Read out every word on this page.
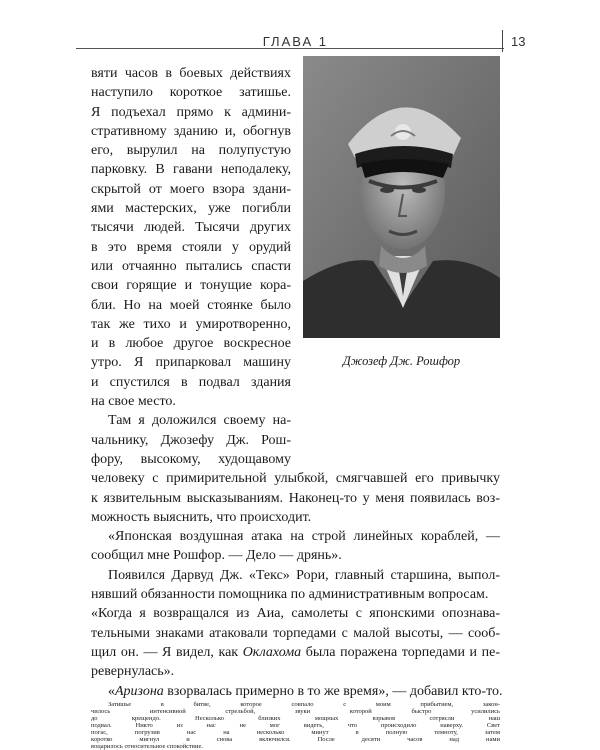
ГЛАВА 1	13
Джозеф Дж. Рошфор
вяти часов в боевых действиях
наступило короткое затишье.
Я подъехал прямо к админи-
стративному зданию и, обогнув
его, вырулил на полупустую
парковку. В гавани неподалеку,
скрытой от моего взора здани-
ями мастерских, уже погибли
тысячи людей. Тысячи других
в это время стояли у орудий
или отчаянно пытались спасти
свои горящие и тонущие кора-
бли. Но на моей стоянке было
так же тихо и умиротворенно,
и в любое другое воскресное
утро. Я припарковал машину
и спустился в подвал здания
на свое место.
Там я доложился своему на-
чальнику, Джозефу Дж. Рош-
фору, высокому, худощавому
человеку с примирительной улыбкой, смягчавшей его привычку
к язвительным высказываниям. Наконец-то у меня появилась воз-
можность выяснить, что происходит.
«Японская воздушная атака на строй линейных кораблей, —
сообщил мне Рошфор. — Дело — дрянь».
Появился Дарвуд Дж. «Текс» Рори, главный старшина, выпол-
нявший обязанности помощника по административным вопросам.
«Когда я возвращался из Аиа, самолеты с японскими опознава-
тельными знаками атаковали торпедами с малой высоты, — сооб-
щил он. — Я видел, как Оклахома была поражена торпедами и пе-
ревернулась».
«Аризона взорвалась примерно в то же время», — добавил кто-то.
Затишье в битве, которое совпало с моим прибытием, закон-
чилось интенсивной стрельбой, звуки которой быстро усилились
до крещендо. Несколько близких мощных взрывов сотрясли наш
подвал. Никто из нас не мог видеть, что происходило наверху. Свет
погас, погрузив нас на несколько минут в полную темноту, затем
коротко мигнул и снова включился. После десяти часов над нами
воцарилось относительное спокойствие.
